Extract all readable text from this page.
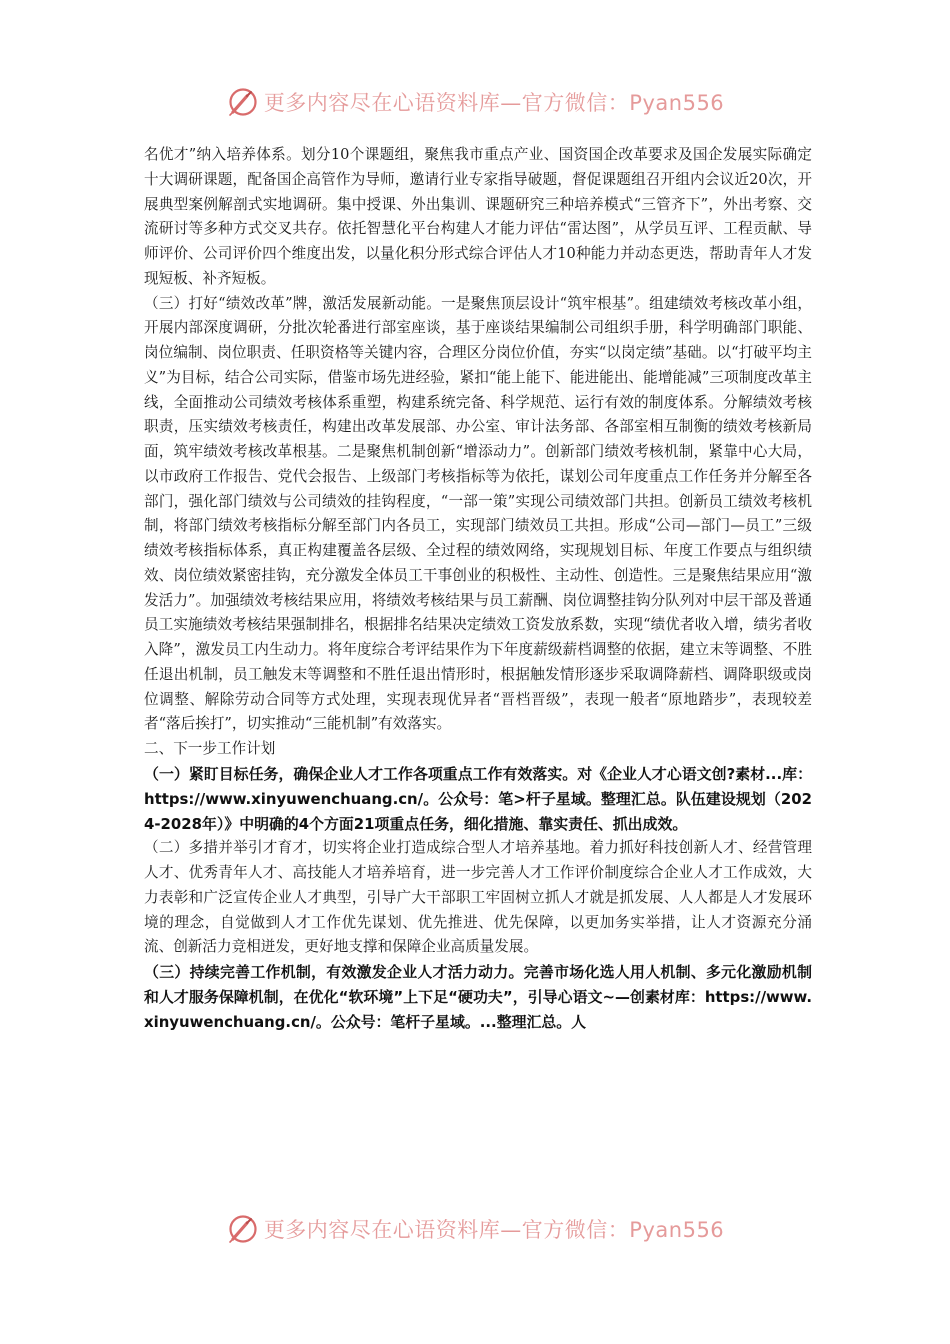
更多内容尽在心语资料库—官方微信：Pyan556

名优才”纳入培养体系。划分10个课题组，聚焦我市重点产业、国资国企改革要求及国企发展实际确定十大调研课题，配备国企高管作为导师，邀请行业专家指导破题，督促课题组召开组内会议近20次，开展典型案例解剖式实地调研。集中授课、外出集训、课题研究三种培养模式“三管齐下”，外出考察、交流研讨等多种方式交叉共存。依托智慧化平台构建人才能力评估“雷达图”，从学员互评、工程贡献、导师评价、公司评价四个维度出发，以量化积分形式综合评估人才10种能力并动态更迭，帮助青年人才发现短板、补齐短板。

（三）打好“绩效改革”牌，激活发展新动能。一是聚焦顶层设计“筑牢根基”。组建绩效考核改革小组，开展内部深度调研，分批次轮番进行部室座谈，基于座谈结果编制公司组织手册，科学明确部门职能、岗位编制、岗位职责、任职资格等关键内容，合理区分岗位价值，夯实“以岗定绩”基础。以“打破平均主义”为目标，结合公司实际，借鉴市场先进经验，紧扣“能上能下、能进能出、能增能减”三项制度改革主线，全面推动公司绩效考核体系重塑，构建系统完备、科学规范、运行有效的制度体系。分解绩效考核职责，压实绩效考核责任，构建出改革发展部、办公室、审计法务部、各部室相互制衡的绩效考核新局面，筑牢绩效考核改革根基。二是聚焦机制创新“增添动力”。创新部门绩效考核机制，紧靠中心大局，以市政府工作报告、党代会报告、上级部门考核指标等为依托，谋划公司年度重点工作任务并分解至各部门，强化部门绩效与公司绩效的挂钩程度，“一部一策”实现公司绩效部门共担。创新员工绩效考核机制，将部门绩效考核指标分解至部门内各员工，实现部门绩效员工共担。形成“公司—部门—员工”三级绩效考核指标体系，真正构建覆盖各层级、全过程的绩效网络，实现规划目标、年度工作要点与组织绩效、岗位绩效紧密挂钩，充分激发全体员工干事创业的积极性、主动性、创造性。三是聚焦结果应用“激发活力”。加强绩效考核结果应用，将绩效考核结果与员工薪酬、岗位调整挂钩分队列对中层干部及普通员工实施绩效考核结果强制排名，根据排名结果决定绩效工资发放系数，实现“绩优者收入增，绩劣者收入降”，激发员工内生动力。将年度综合考评结果作为下年度薪级薪档调整的依据，建立末等调整、不胜任退出机制，员工触发末等调整和不胜任退出情形时，根据触发情形逐步采取调降薪档、调降职级或岗位调整、解除劳动合同等方式处理，实现表现优异者“晋档晋级”，表现一般者“原地踏步”，表现较差者“落后挨打”，切实推动“三能机制”有效落实。

二、下一步工作计划

（一）紧盯目标任务，确保企业人才工作各项重点工作有效落实。对《企业人才心语文创?素材...库：https://www.xinyuwenchuang.cn/。公众号：笔>杆子星域。整理汇总。队伍建设规划（2024-2028年）》中明确的4个方面21项重点任务，细化措施、靠实责任、抓出成效。

（二）多措并举引才育才，切实将企业打造成综合型人才培养基地。着力抓好科技创新人才、经营管理人才、优秀青年人才、高技能人才培养培育，进一步完善人才工作评价制度综合企业人才工作成效，大力表彰和广泛宣传企业人才典型，引导广大干部职工牢固树立抓人才就是抓发展、人人都是人才发展环境的理念，自觉做到人才工作优先谋划、优先推进、优先保障，以更加务实举措，让人才资源充分涌流、创新活力竞相迸发，更好地支撑和保障企业高质量发展。

（三）持续完善工作机制，有效激发企业人才活力动力。完善市场化选人用人机制、多元化激励机制和人才服务保障机制，在优化“软环境”上下足“硬功夫”，引导心语文~—创素材库：https://www.xinyuwenchuang.cn/。公众号：笔杆子星域。...整理汇总。人

更多内容尽在心语资料库—官方微信：Pyan556
